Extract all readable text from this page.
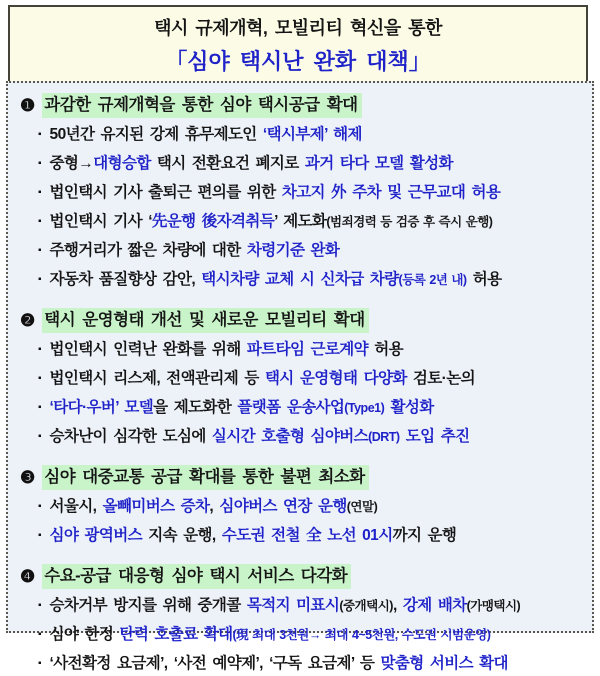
택시 규제개혁, 모빌리티 혁신을 통한
「심야 택시난 완화 대책」
❶ 과감한 규제개혁을 통한 심야 택시공급 확대
▪ 50년간 유지된 강제 휴무제도인 ‘택시부제’ 해제
▪ 중형→대형승합 택시 전환요건 폐지로 과거 타다 모델 활성화
▪ 법인택시 기사 출퇴근 편의를 위한 차고지 外 주차 및 근무교대 허용
▪ 법인택시 기사 ‘先운행 後자격취득’ 제도화(범죄경력 등 검증 후 즉시 운행)
▪ 주행거리가 짧은 차량에 대한 차령기준 완화
▪ 자동차 품질향상 감안, 택시차량 교체 시 신차급 차량(등록 2년 내) 허용
❷ 택시 운영형태 개선 및 새로운 모빌리티 확대
▪ 법인택시 인력난 완화를 위해 파트타임 근로계약 허용
▪ 법인택시 리스제, 전액관리제 등 택시 운영형태 다양화 검토·논의
▪ ‘타다·우버’ 모델을 제도화한 플랫폼 운송사업(Type1) 활성화
▪ 승차난이 심각한 도심에 실시간 호출형 심야버스(DRT) 도입 추진
❸ 심야 대중교통 공급 확대를 통한 불편 최소화
▪ 서울시, 올빼미버스 증차, 심야버스 연장 운행(연말)
▪ 심야 광역버스 지속 운행, 수도권 전철 全 노선 01시까지 운행
❹ 수요-공급 대응형 심야 택시 서비스 다각화
▪ 승차거부 방지를 위해 중개콜 목적지 미표시(중개택시), 강제 배차(가맹택시)
▪ 심야 한정 탄력 호출료 확대(現 최대 3천원→ 최대 4~5천원, 수도권 시범운영)
▪ ‘사전확정 요금제’, ‘사전 예약제’, ‘구독 요금제’ 등 맞춤형 서비스 확대
